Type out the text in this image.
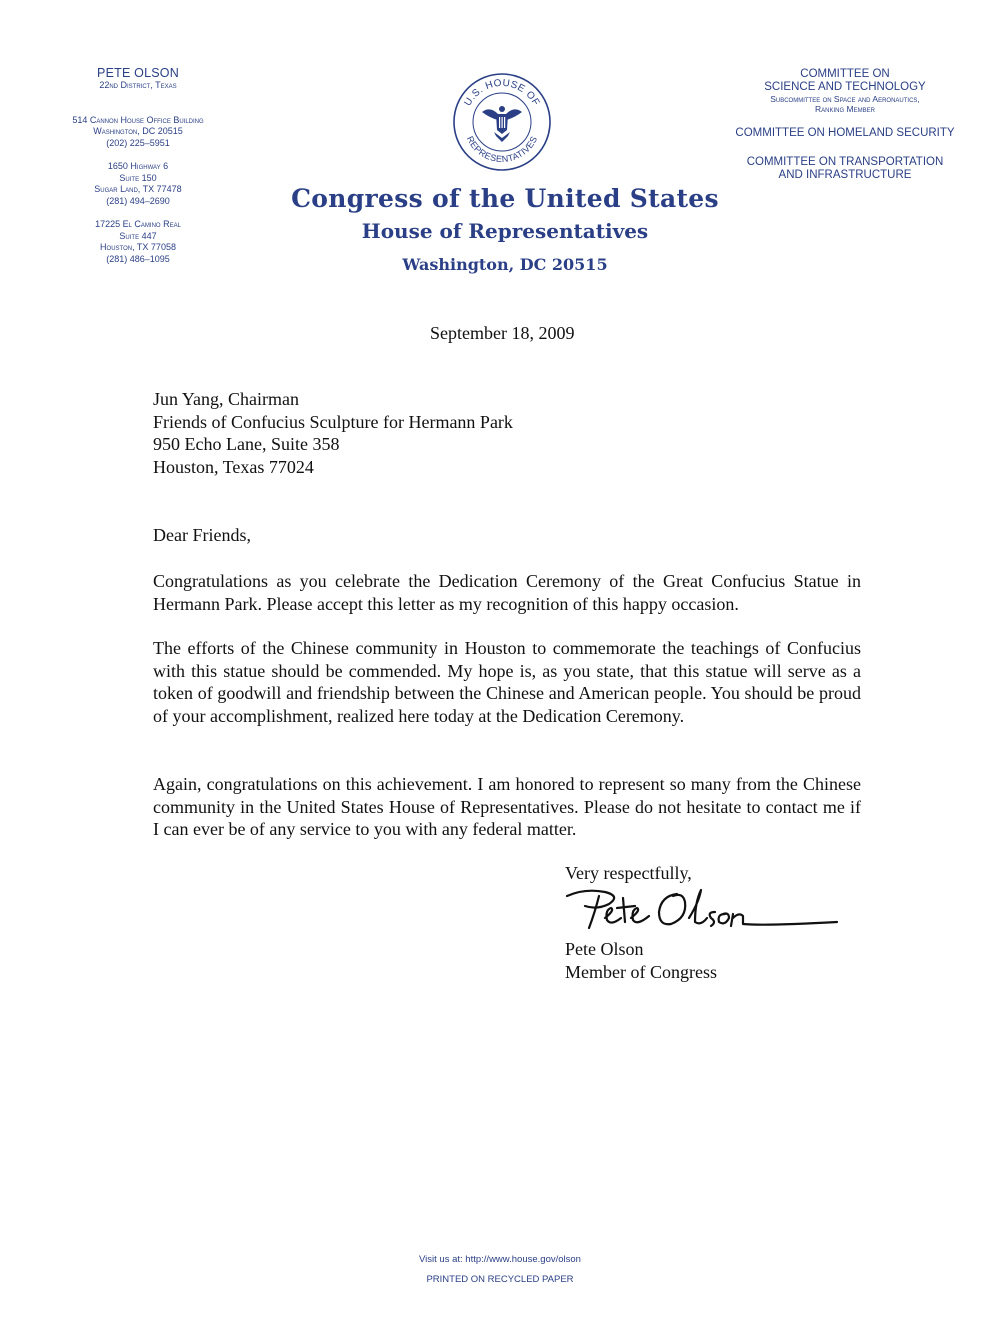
PETE OLSON
22nd District, Texas
514 Cannon House Office Building
Washington, DC 20515
(202) 225–5951
1650 Highway 6
Suite 150
Sugar Land, TX 77478
(281) 494–2690
17225 El Camino Real
Suite 447
Houston, TX 77058
(281) 486–1095
U.S. HOUSE OF
REPRESENTATIVES
Congress of the United States
House of Representatives
Washington, DC 20515
COMMITTEE ON
SCIENCE AND TECHNOLOGY
Subcommittee on Space and Aeronautics,
Ranking Member
COMMITTEE ON HOMELAND SECURITY
COMMITTEE ON TRANSPORTATION
AND INFRASTRUCTURE
September 18, 2009
Jun Yang, Chairman
Friends of Confucius Sculpture for Hermann Park
950 Echo Lane, Suite 358
Houston, Texas 77024
Dear Friends,
Congratulations as you celebrate the Dedication Ceremony of the Great Confucius Statue in Hermann Park. Please accept this letter as my recognition of this happy occasion.
The efforts of the Chinese community in Houston to commemorate the teachings of Confucius with this statue should be commended. My hope is, as you state, that this statue will serve as a token of goodwill and friendship between the Chinese and American people. You should be proud of your accomplishment, realized here today at the Dedication Ceremony.
Again, congratulations on this achievement. I am honored to represent so many from the Chinese community in the United States House of Representatives. Please do not hesitate to contact me if I can ever be of any service to you with any federal matter.
Very respectfully,
Pete Olson
Member of Congress
Visit us at: http://www.house.gov/olson
PRINTED ON RECYCLED PAPER
